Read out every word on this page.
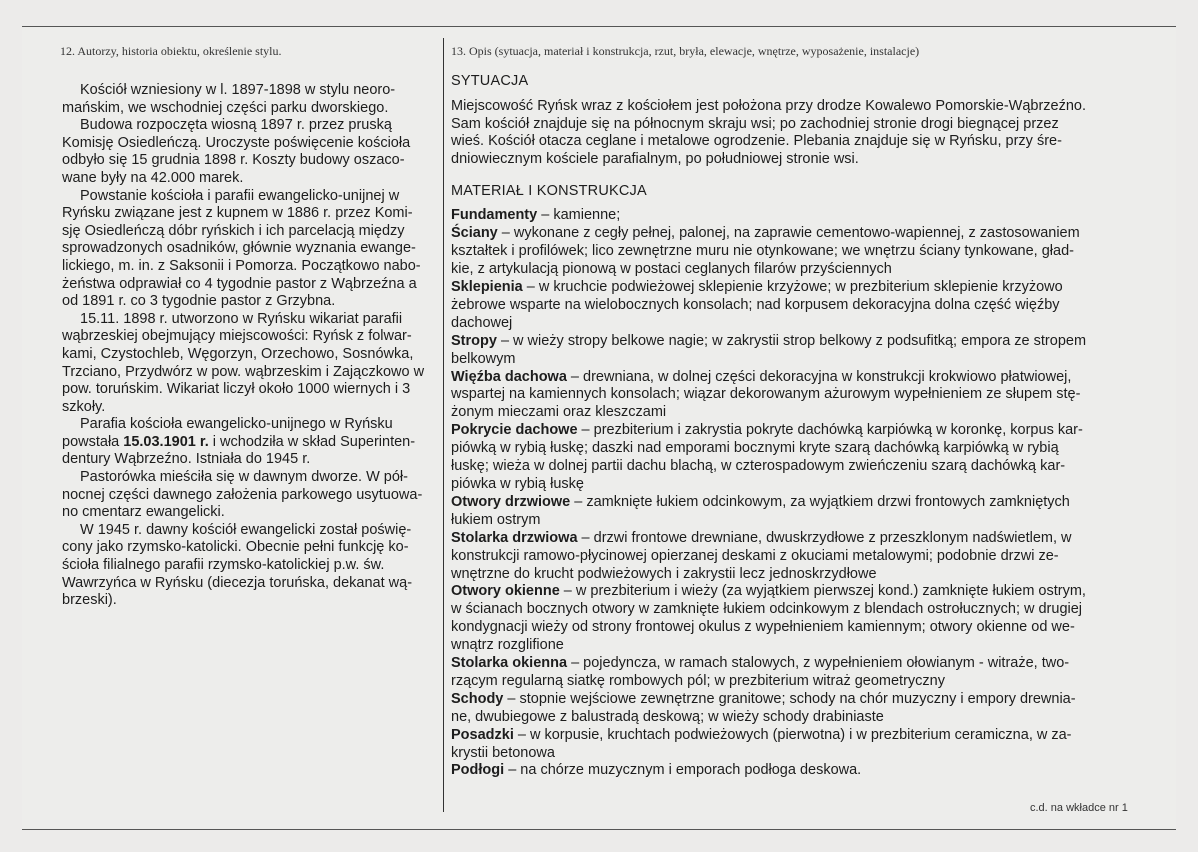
12. Autorzy, historia obiektu, określenie stylu.

Kościół wzniesiony w l. 1897-1898 w stylu neoro-
mańskim, we wschodniej części parku dworskiego.

Budowa rozpoczęta wiosną 1897 r. przez pruską
Komisję Osiedleńczą. Uroczyste poświęcenie kościoła
odbyło się 15 grudnia 1898 r. Koszty budowy oszaco-
wane były na 42.000 marek.

Powstanie kościoła i parafii ewangelicko-unijnej w
Ryńsku związane jest z kupnem w 1886 r. przez Komi-
sję Osiedleńczą dóbr ryńskich i ich parcelacją między
sprowadzonych osadników, głównie wyznania ewange-
lickiego, m. in. z Saksonii i Pomorza. Początkowo nabo-
żeństwa odprawiał co 4 tygodnie pastor z Wąbrzeźna a
od 1891 r. co 3 tygodnie pastor z Grzybna.

15.11. 1898 r. utworzono w Ryńsku wikariat parafii
wąbrzeskiej obejmujący miejscowości: Ryńsk z folwar-
kami, Czystochleb, Węgorzyn, Orzechowo, Sosnówka,
Trzciano, Przydwórz w pow. wąbrzeskim i Zajączkowo w
pow. toruńskim. Wikariat liczył około 1000 wiernych i 3
szkoły.

Parafia kościoła ewangelicko-unijnego w Ryńsku
powstała 15.03.1901 r. i wchodziła w skład Superinten-
dentury Wąbrzeźno. Istniała do 1945 r.

Pastorówka mieściła się w dawnym dworze. W pół-
nocnej części dawnego założenia parkowego usytuowa-
no cmentarz ewangelicki.

W 1945 r. dawny kościół ewangelicki został poświę-
cony jako rzymsko-katolicki. Obecnie pełni funkcję ko-
ścioła filialnego parafii rzymsko-katolickiej p.w. św.
Wawrzyńca w Ryńsku (diecezja toruńska, dekanat wą-
brzeski).

13. Opis (sytuacja, materiał i konstrukcja, rzut, bryła, elewacje, wnętrze, wyposażenie, instalacje)
SYTUACJA
Miejscowość Ryńsk wraz z kościołem jest położona przy drodze Kowalewo Pomorskie-Wąbrzeźno.
Sam kościół znajduje się na północnym skraju wsi; po zachodniej stronie drogi biegnącej przez
wieś. Kościół otacza ceglane i metalowe ogrodzenie. Plebania znajduje się w Ryńsku, przy śre-
dniowiecznym kościele parafialnym, po południowej stronie wsi.
MATERIAŁ I KONSTRUKCJA
Fundamenty – kamienne;
Ściany – wykonane z cegły pełnej, palonej, na zaprawie cementowo-wapiennej, z zastosowaniem
kształtek i profilówek; lico zewnętrzne muru nie otynkowane; we wnętrzu ściany tynkowane, gład-
kie, z artykulacją pionową w postaci ceglanych filarów przyściennych
Sklepienia – w kruchcie podwieżowej sklepienie krzyżowe; w prezbiterium sklepienie krzyżowo
żebrowe wsparte na wielobocznych konsolach; nad korpusem dekoracyjna dolna część więźby
dachowej
Stropy – w wieży stropy belkowe nagie; w zakrystii strop belkowy z podsufitką; empora ze stropem
belkowym
Więźba dachowa – drewniana, w dolnej części dekoracyjna w konstrukcji krokwiowo płatwiowej,
wspartej na kamiennych konsolach; wiązar dekorowanym ażurowym wypełnieniem ze słupem stę-
żonym mieczami oraz kleszczami
Pokrycie dachowe – prezbiterium i zakrystia pokryte dachówką karpiówką w koronkę, korpus kar-
piówką w rybią łuskę; daszki nad emporami bocznymi kryte szarą dachówką karpiówką w rybią
łuskę; wieża w dolnej partii dachu blachą, w czterospadowym zwieńczeniu szarą dachówką kar-
piówka w rybią łuskę
Otwory drzwiowe – zamknięte łukiem odcinkowym, za wyjątkiem drzwi frontowych zamkniętych
łukiem ostrym
Stolarka drzwiowa – drzwi frontowe drewniane, dwuskrzydłowe z przeszklonym nadświetlem, w
konstrukcji ramowo-płycinowej opierzanej deskami z okuciami metalowymi; podobnie drzwi ze-
wnętrzne do krucht podwieżowych i zakrystii lecz jednoskrzydłowe
Otwory okienne – w prezbiterium i wieży (za wyjątkiem pierwszej kond.) zamknięte łukiem ostrym,
w ścianach bocznych otwory w zamknięte łukiem odcinkowym z blendach ostrołucznych; w drugiej
kondygnacji wieży od strony frontowej okulus z wypełnieniem kamiennym; otwory okienne od we-
wnątrz rozglifione
Stolarka okienna – pojedyncza, w ramach stalowych, z wypełnieniem ołowianym - witraże, two-
rzącym regularną siatkę rombowych pól; w prezbiterium witraż geometryczny
Schody – stopnie wejściowe zewnętrzne granitowe; schody na chór muzyczny i empory drewnia-
ne, dwubiegowe z balustradą deskową; w wieży schody drabiniaste
Posadzki – w korpusie, kruchtach podwieżowych (pierwotna) i w prezbiterium ceramiczna, w za-
krystii betonowa
Podłogi – na chórze muzycznym i emporach podłoga deskowa.
c.d. na wkładce nr 1
